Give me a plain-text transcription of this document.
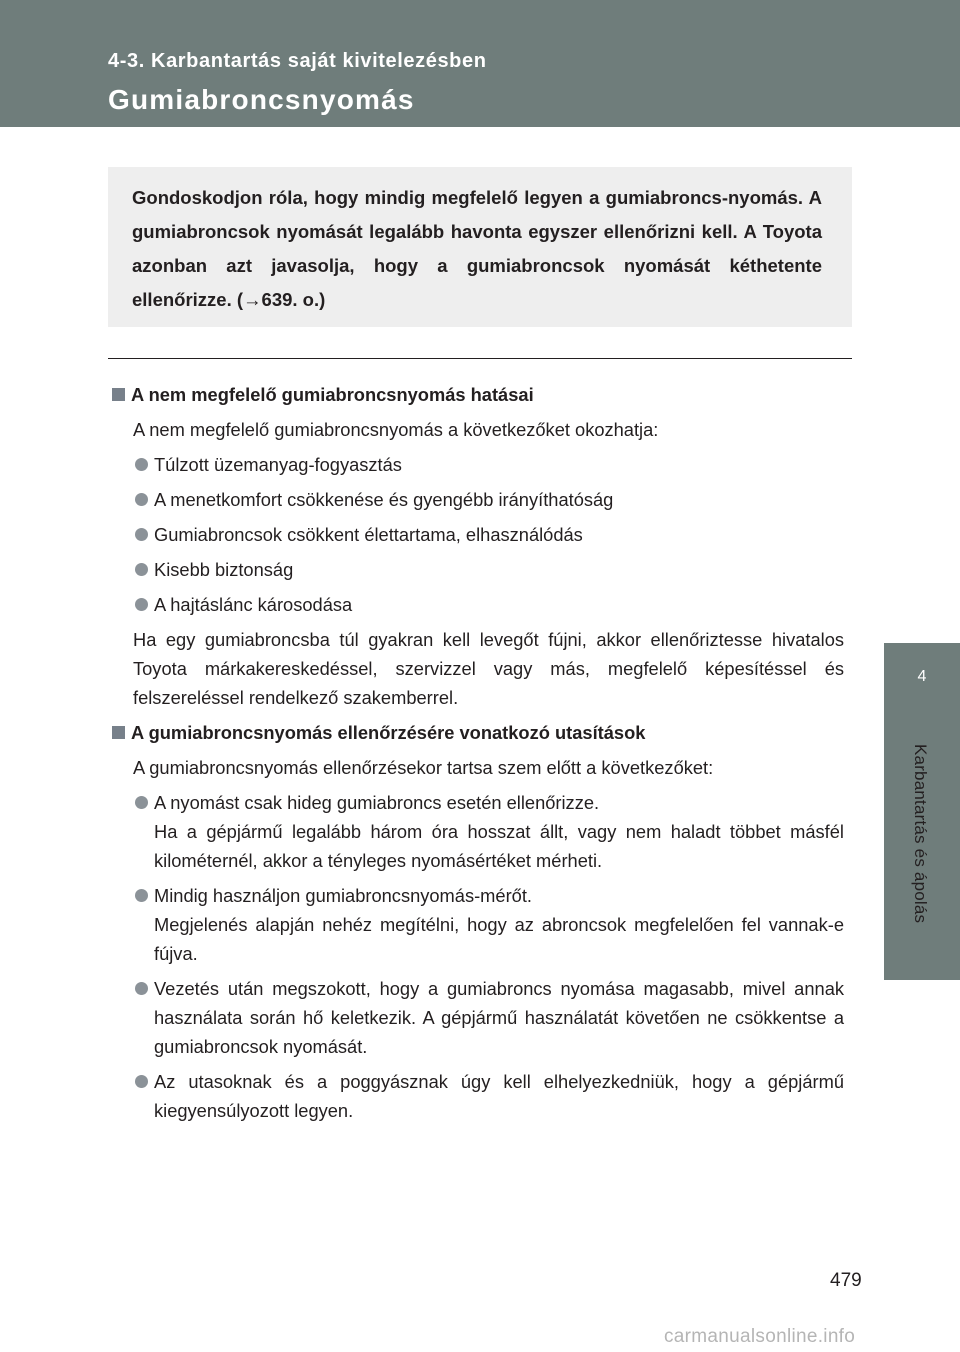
4-3. Karbantartás saját kivitelezésben
Gumiabroncsnyomás
4
Karbantartás és ápolás

Gondoskodjon róla, hogy mindig megfelelő legyen a gumiabroncs-nyomás. A gumiabroncsok nyomását legalább havonta egyszer ellenőrizni kell. A Toyota azonban azt javasolja, hogy a gumiabroncsok nyomását kéthetente ellenőrizze. (→639. o.)

A nem megfelelő gumiabroncsnyomás hatásai

A nem megfelelő gumiabroncsnyomás a következőket okozhatja:

Túlzott üzemanyag-fogyasztás
A menetkomfort csökkenése és gyengébb irányíthatóság
Gumiabroncsok csökkent élettartama, elhasználódás
Kisebb biztonság
A hajtáslánc károsodása

Ha egy gumiabroncsba túl gyakran kell levegőt fújni, akkor ellenőriztesse hivatalos Toyota márkakereskedéssel, szervizzel vagy más, megfelelő képesítéssel és felszereléssel rendelkező szakemberrel.

A gumiabroncsnyomás ellenőrzésére vonatkozó utasítások

A gumiabroncsnyomás ellenőrzésekor tartsa szem előtt a következőket:

A nyomást csak hideg gumiabroncs esetén ellenőrizze.
Ha a gépjármű legalább három óra hosszat állt, vagy nem haladt többet másfél kilométernél, akkor a tényleges nyomásértéket mérheti.
Mindig használjon gumiabroncsnyomás-mérőt.
Megjelenés alapján nehéz megítélni, hogy az abroncsok megfelelően fel vannak-e fújva.
Vezetés után megszokott, hogy a gumiabroncs nyomása magasabb, mivel annak használata során hő keletkezik. A gépjármű használatát követően ne csökkentse a gumiabroncsok nyomását.
Az utasoknak és a poggyásznak úgy kell elhelyezkedniük, hogy a gépjármű kiegyensúlyozott legyen.
479
carmanualsonline.info
